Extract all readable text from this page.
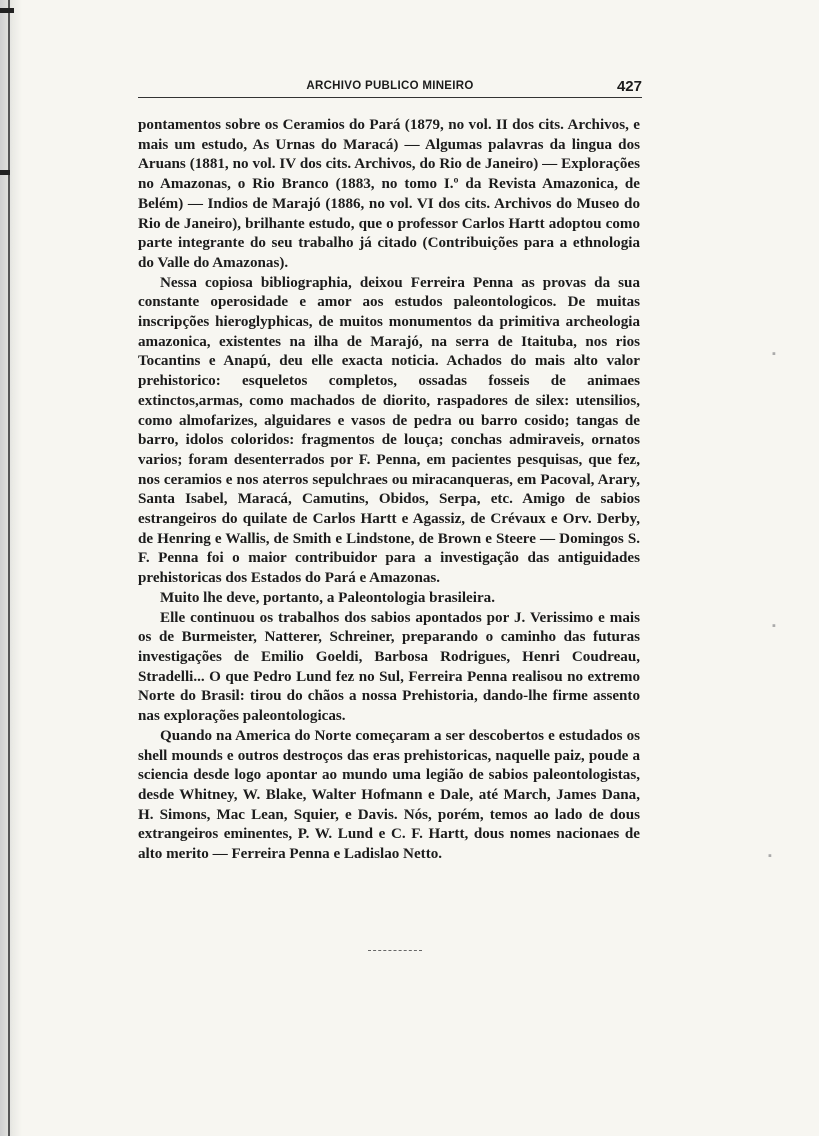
▪
▪
▪
ARCHIVO PUBLICO MINEIRO	427

pontamentos sobre os Ceramios do Pará (1879, no vol. II dos cits. Archivos, e mais um estudo, As Urnas do Maracá) — Algumas palavras da lingua dos Aruans (1881, no vol. IV dos cits. Archivos, do Rio de Janeiro) — Explorações no Amazonas, o Rio Branco (1883, no tomo I.º da Revista Amazonica, de Belém) — Indios de Marajó (1886, no vol. VI dos cits. Archivos do Museo do Rio de Janeiro), brilhante estudo, que o professor Carlos Hartt adoptou como parte integrante do seu trabalho já citado (Contribuições para a ethnologia do Valle do Amazonas).

Nessa copiosa bibliographia, deixou Ferreira Penna as provas da sua constante operosidade e amor aos estudos paleontologicos. De muitas inscripções hieroglyphicas, de muitos monumentos da primitiva archeologia amazonica, existentes na ilha de Marajó, na serra de Itaituba, nos rios Tocantins e Anapú, deu elle exacta noticia. Achados do mais alto valor prehistorico: esqueletos completos, ossadas fosseis de animaes extinctos,armas, como machados de diorito, raspadores de silex: utensilios, como almofarizes, alguidares e vasos de pedra ou barro cosido; tangas de barro, idolos coloridos: fragmentos de louça; conchas admiraveis, ornatos varios; foram desenterrados por F. Penna, em pacientes pesquisas, que fez, nos ceramios e nos aterros sepulchraes ou miracanqueras, em Pacoval, Arary, Santa Isabel, Maracá, Camutins, Obidos, Serpa, etc. Amigo de sabios estrangeiros do quilate de Carlos Hartt e Agassiz, de Crévaux e Orv. Derby, de Henring e Wallis, de Smith e Lindstone, de Brown e Steere — Domingos S. F. Penna foi o maior contribuidor para a investigação das antiguidades prehistoricas dos Estados do Pará e Amazonas.

Muito lhe deve, portanto, a Paleontologia brasileira.

Elle continuou os trabalhos dos sabios apontados por J. Verissimo e mais os de Burmeister, Natterer, Schreiner, preparando o caminho das futuras investigações de Emilio Goeldi, Barbosa Rodrigues, Henri Coudreau, Stradelli... O que Pedro Lund fez no Sul, Ferreira Penna realisou no extremo Norte do Brasil: tirou do chãos a nossa Prehistoria, dando-lhe firme assento nas explorações paleontologicas.

Quando na America do Norte começaram a ser descobertos e estudados os shell mounds e outros destroços das eras prehistoricas, naquelle paiz, poude a sciencia desde logo apontar ao mundo uma legião de sabios paleontologistas, desde Whitney, W. Blake, Walter Hofmann e Dale, até March, James Dana, H. Simons, Mac Lean, Squier, e Davis. Nós, porém, temos ao lado de dous extrangeiros eminentes, P. W. Lund e C. F. Hartt, dous nomes nacionaes de alto merito — Ferreira Penna e Ladislao Netto.
